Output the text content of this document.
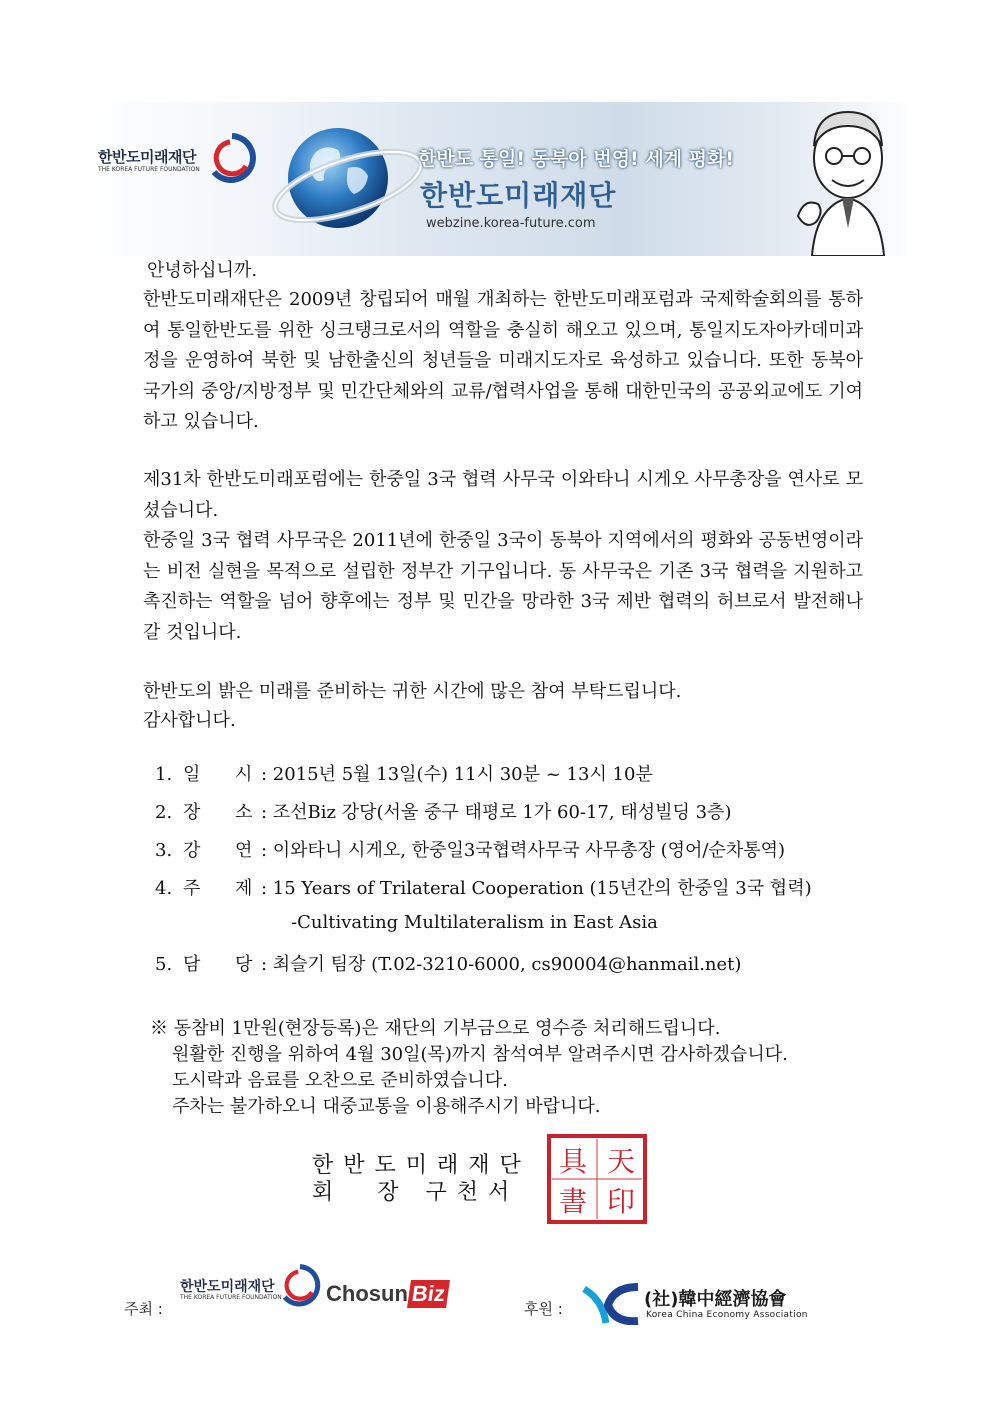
한반도미래재단
THE KOREA FUTURE FOUNDATION	한반도 통일! 동북아 번영! 세계 평화!
한반도미래재단
webzine.korea-future.com

안녕하십니까.

한반도미래재단은 2009년 창립되어 매월 개최하는 한반도미래포럼과 국제학술회의를 통하여 통일한반도를 위한 싱크탱크로서의 역할을 충실히 해오고 있으며, 통일지도자아카데미과정을 운영하여 북한 및 남한출신의 청년들을 미래지도자로 육성하고 있습니다. 또한 동북아 국가의 중앙/지방정부 및 민간단체와의 교류/협력사업을 통해 대한민국의 공공외교에도 기여하고 있습니다.

제31차 한반도미래포럼에는 한중일 3국 협력 사무국 이와타니 시게오 사무총장을 연사로 모셨습니다.

한중일 3국 협력 사무국은 2011년에 한중일 3국이 동북아 지역에서의 평화와 공동번영이라는 비전 실현을 목적으로 설립한 정부간 기구입니다. 동 사무국은 기존 3국 협력을 지원하고 촉진하는 역할을 넘어 향후에는 정부 및 민간을 망라한 3국 제반 협력의 허브로서 발전해나갈 것입니다.

한반도의 밝은 미래를 준비하는 귀한 시간에 많은 참여 부탁드립니다.

감사합니다.

1. 일 시 : 2015년 5월 13일(수) 11시 30분 ~ 13시 10분
2. 장 소 : 조선Biz 강당(서울 중구 태평로 1가 60-17, 태성빌딩 3층)
3. 강 연 : 이와타니 시게오, 한중일3국협력사무국 사무총장 (영어/순차통역)
4. 주 제 : 15 Years of Trilateral Cooperation (15년간의 한중일 3국 협력)
-Cultivating Multilateralism in East Asia
5. 담 당 : 최슬기 팀장 (T.02-3210-6000, cs90004@hanmail.net)
※ 동참비 1만원(현장등록)은 재단의 기부금으로 영수증 처리해드립니다.
원활한 진행을 위하여 4월 30일(목)까지 참석여부 알려주시면 감사하겠습니다.
도시락과 음료를 오찬으로 준비하였습니다.
주차는 불가하오니 대중교통을 이용해주시기 바랍니다.
한반도미래재단
회  장 구천서
具 天
書 印
주최 :
한반도미래재단
THE KOREA FUTURE FOUNDATION Chosun Biz
후원 :	(社)韓中經濟協會
Korea China Economy Association
